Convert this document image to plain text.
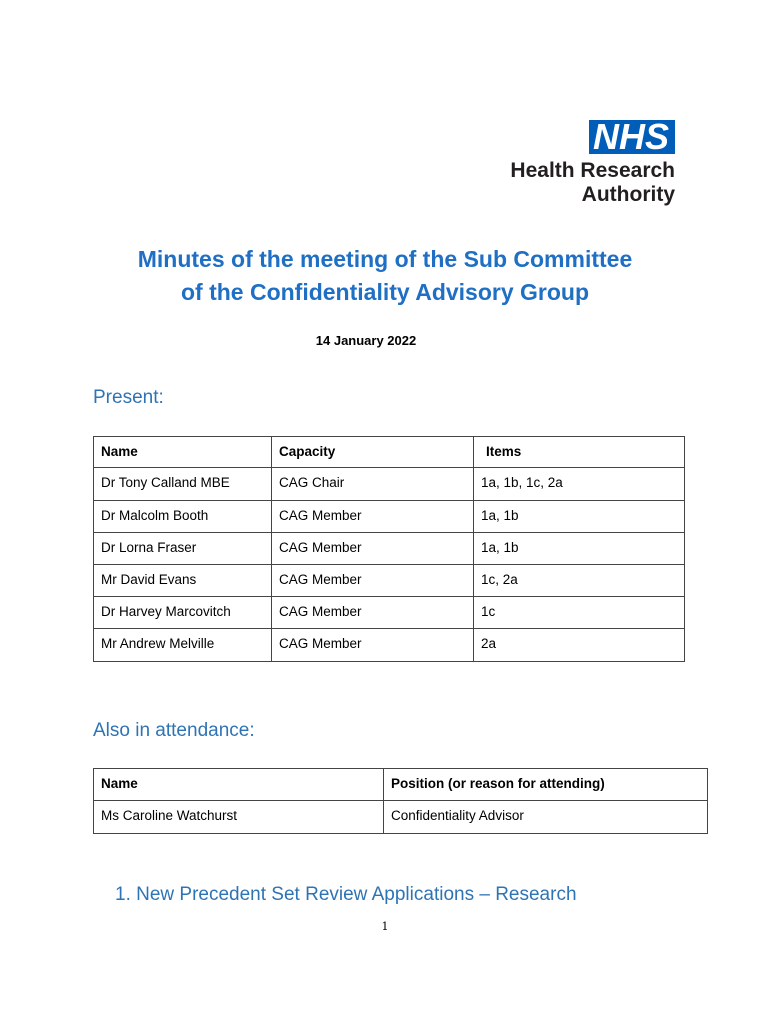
NHS
Health Research
Authority
Minutes of the meeting of the Sub Committee
of the Confidentiality Advisory Group
14 January 2022
Present:
Name	Capacity	Items
Dr Tony Calland MBE	CAG Chair	1a, 1b, 1c, 2a
Dr Malcolm Booth	CAG Member	1a, 1b
Dr Lorna Fraser	CAG Member	1a, 1b
Mr David Evans	CAG Member	1c, 2a
Dr Harvey Marcovitch	CAG Member	1c
Mr Andrew Melville	CAG Member	2a
Also in attendance:
Name	Position (or reason for attending)
Ms Caroline Watchurst	Confidentiality Advisor
1. New Precedent Set Review Applications – Research
1
